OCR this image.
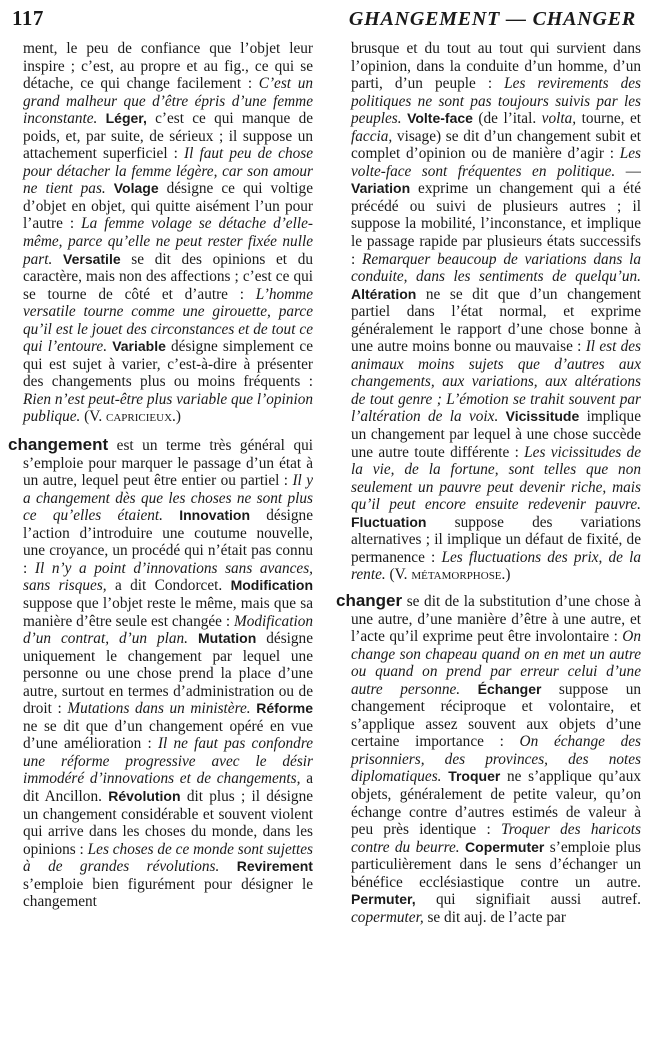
117	GHANGEMENT — CHANGER

ment, le peu de confiance que l’objet leur inspire ; c’est, au propre et au fig., ce qui se détache, ce qui change facilement : C’est un grand malheur que d’être épris d’une femme inconstante. Léger, c’est ce qui manque de poids, et, par suite, de sérieux ; il suppose un attachement superficiel : Il faut peu de chose pour détacher la femme légère, car son amour ne tient pas. Volage désigne ce qui voltige d’objet en objet, qui quitte aisément l’un pour l’autre : La femme volage se détache d’elle-même, parce qu’elle ne peut rester fixée nulle part. Versatile se dit des opinions et du caractère, mais non des affections ; c’est ce qui se tourne de côté et d’autre : L’homme versatile tourne comme une girouette, parce qu’il est le jouet des circonstances et de tout ce qui l’entoure. Variable désigne simplement ce qui est sujet à varier, c’est-à-dire à présenter des changements plus ou moins fréquents : Rien n’est peut-être plus variable que l’opinion publique. (V. capricieux.)

changement est un terme très général qui s’emploie pour marquer le passage d’un état à un autre, lequel peut être entier ou partiel : Il y a changement dès que les choses ne sont plus ce qu’elles étaient. Innovation désigne l’action d’introduire une coutume nouvelle, une croyance, un procédé qui n’était pas connu : Il n’y a point d’innovations sans avances, sans risques, a dit Condorcet. Modification suppose que l’objet reste le même, mais que sa manière d’être seule est changée : Modification d’un contrat, d’un plan. Mutation désigne uniquement le changement par lequel une personne ou une chose prend la place d’une autre, surtout en termes d’administration ou de droit : Mutations dans un ministère. Réforme ne se dit que d’un changement opéré en vue d’une amélioration : Il ne faut pas confondre une réforme progressive avec le désir immodéré d’innovations et de changements, a dit Ancillon. Révolution dit plus ; il désigne un changement considérable et souvent violent qui arrive dans les choses du monde, dans les opinions : Les choses de ce monde sont sujettes à de grandes révolutions. Revirement s’emploie bien figurément pour désigner le changement

brusque et du tout au tout qui survient dans l’opinion, dans la conduite d’un homme, d’un parti, d’un peuple : Les revirements des politiques ne sont pas toujours suivis par les peuples. Volte-face (de l’ital. volta, tourne, et faccia, visage) se dit d’un changement subit et complet d’opinion ou de manière d’agir : Les volte-face sont fréquentes en politique. — Variation exprime un changement qui a été précédé ou suivi de plusieurs autres ; il suppose la mobilité, l’inconstance, et implique le passage rapide par plusieurs états successifs : Remarquer beaucoup de variations dans la conduite, dans les sentiments de quelqu’un. Altération ne se dit que d’un changement partiel dans l’état normal, et exprime généralement le rapport d’une chose bonne à une autre moins bonne ou mauvaise : Il est des animaux moins sujets que d’autres aux changements, aux variations, aux altérations de tout genre ; L’émotion se trahit souvent par l’altération de la voix. Vicissitude implique un changement par lequel à une chose succède une autre toute différente : Les vicissitudes de la vie, de la fortune, sont telles que non seulement un pauvre peut devenir riche, mais qu’il peut encore ensuite redevenir pauvre. Fluctuation suppose des variations alternatives ; il implique un défaut de fixité, de permanence : Les fluctuations des prix, de la rente. (V. métamorphose.)

changer se dit de la substitution d’une chose à une autre, d’une manière d’être à une autre, et l’acte qu’il exprime peut être involontaire : On change son chapeau quand on en met un autre ou quand on prend par erreur celui d’une autre personne. Échanger suppose un changement réciproque et volontaire, et s’applique assez souvent aux objets d’une certaine importance : On échange des prisonniers, des provinces, des notes diplomatiques. Troquer ne s’applique qu’aux objets, généralement de petite valeur, qu’on échange contre d’autres estimés de valeur à peu près identique : Troquer des haricots contre du beurre. Copermuter s’emploie plus particulièrement dans le sens d’échanger un bénéfice ecclésiastique contre un autre. Permuter, qui signifiait aussi autref. copermuter, se dit auj. de l’acte par
